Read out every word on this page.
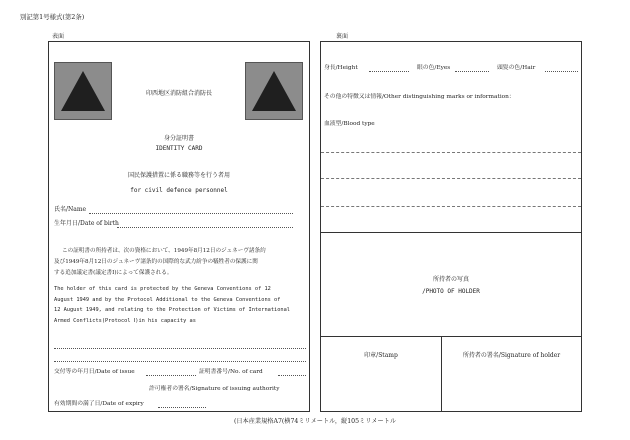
別記第1号様式(第2条)
表面	裏面
印西地区消防組合消防長
身分証明書
IDENTITY CARD
国民保護措置に係る職務等を行う者用
for civil defence personnel
氏名/Name
生年月日/Date of birth
この証明書の所持者は、次の資格において、1949年8月12日のジュネーヴ諸条約
及び1949年8月12日のジュネーヴ諸条約の国際的な武力紛争の犠牲者の保護に関
する追加議定書(議定書Ⅰ)によって保護される。
The holder of this card is protected by the Geneva Conventions of 12
August 1949 and by the Protocol Additional to the Geneva Conventions of
12 August 1949, and relating to the Protection of Victims of International
Armed Conflicts(Protocol Ⅰ)in his capacity as
交付等の年月日/Date of issue	証明書番号/No. of card
許可権者の署名/Signature of issuing authority
有効期間の満了日/Date of expiry
身長/Height	眼の色/Eyes	頭髪の色/Hair
その他の特徴又は情報/Other distinguishing marks or information：
血液型/Blood type
所持者の写真
/PHOTO OF HOLDER
印章/Stamp	所持者の署名/Signature of holder
(日本産業規格A7(横74ミリメートル，縦105ミリメートル
